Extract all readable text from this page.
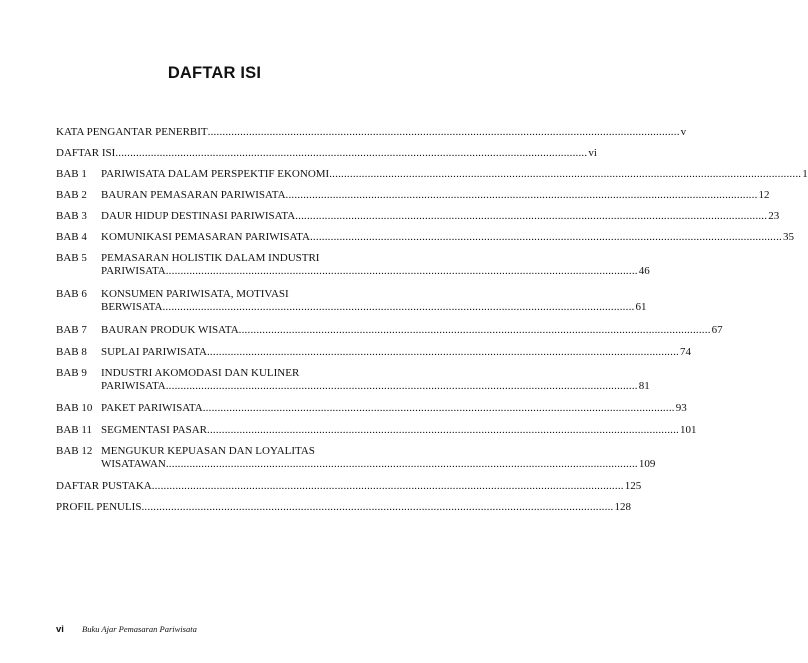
DAFTAR ISI
KATA PENGANTAR PENERBIT .....	v
DAFTAR ISI .....	vi
BAB 1	PARIWISATA DALAM PERSPEKTIF EKONOMI .....	1
BAB 2	BAURAN PEMASARAN PARIWISATA .....	12
BAB 3	DAUR HIDUP DESTINASI PARIWISATA .....	23
BAB 4	KOMUNIKASI PEMASARAN PARIWISATA .....	35
BAB 5	PEMASARAN HOLISTIK DALAM INDUSTRI
PARIWISATA .....	46
BAB 6	KONSUMEN PARIWISATA, MOTIVASI
BERWISATA .....	61
BAB 7	BAURAN PRODUK WISATA .....	67
BAB 8	SUPLAI PARIWISATA .....	74
BAB 9	INDUSTRI AKOMODASI DAN KULINER
PARIWISATA .....	81
BAB 10 PAKET PARIWISATA .....	93
BAB 11 SEGMENTASI PASAR .....	101
BAB 12 MENGUKUR KEPUASAN DAN LOYALITAS
WISATAWAN .....	109
DAFTAR PUSTAKA .....	125
PROFIL PENULIS .....	128
vi	Buku Ajar Pemasaran Pariwisata
